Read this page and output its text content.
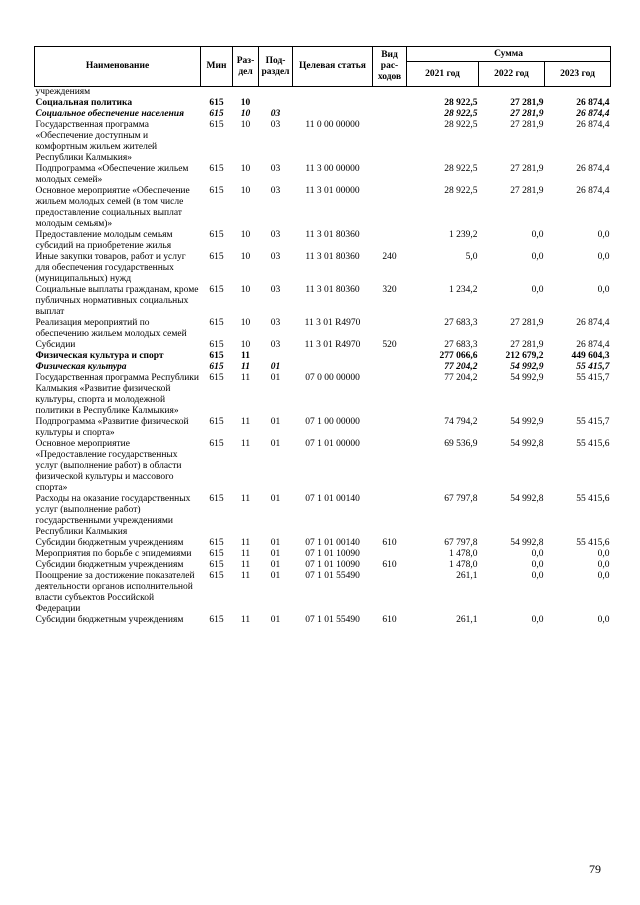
Наименование	Мин	Раз-дел	Под-раздел	Целевая статья	Вид рас-ходов	Сумма		
						2021 год	2022 год	2023 год
учреждениям								
Социальная политика	615	10				28 922,5	27 281,9	26 874,4
Социальное обеспечение населения	615	10	03			28 922,5	27 281,9	26 874,4
Государственная программа «Обеспечение доступным и комфортным жильем жителей Республики Калмыкия»	615	10	03	11 0 00 00000		28 922,5	27 281,9	26 874,4
Подпрограмма «Обеспечение жильем молодых семей»	615	10	03	11 3 00 00000		28 922,5	27 281,9	26 874,4
Основное мероприятие «Обеспечение жильем молодых семей (в том числе предоставление социальных выплат молодым семьям)»	615	10	03	11 3 01 00000		28 922,5	27 281,9	26 874,4
Предоставление молодым семьям субсидий на приобретение жилья	615	10	03	11 3 01 80360		1 239,2	0,0	0,0
Иные закупки товаров, работ и услуг для обеспечения государственных (муниципальных) нужд	615	10	03	11 3 01 80360	240	5,0	0,0	0,0
Социальные выплаты гражданам, кроме публичных нормативных социальных выплат	615	10	03	11 3 01 80360	320	1 234,2	0,0	0,0
Реализация мероприятий по обеспечению жильем молодых семей	615	10	03	11 3 01 R4970		27 683,3	27 281,9	26 874,4
Субсидии	615	10	03	11 3 01 R4970	520	27 683,3	27 281,9	26 874,4
Физическая культура и спорт	615	11				277 066,6	212 679,2	449 604,3
Физическая культура	615	11	01			77 204,2	54 992,9	55 415,7
Государственная программа Республики Калмыкия «Развитие физической культуры, спорта и молодежной политики в Республике Калмыкия»	615	11	01	07 0 00 00000		77 204,2	54 992,9	55 415,7
Подпрограмма «Развитие физической культуры и спорта»	615	11	01	07 1 00 00000		74 794,2	54 992,9	55 415,7
Основное мероприятие «Предоставление государственных услуг (выполнение работ) в области физической культуры и массового спорта»	615	11	01	07 1 01 00000		69 536,9	54 992,8	55 415,6
Расходы на оказание государственных услуг (выполнение работ) государственными учреждениями Республики Калмыкия	615	11	01	07 1 01 00140		67 797,8	54 992,8	55 415,6
Субсидии бюджетным учреждениям	615	11	01	07 1 01 00140	610	67 797,8	54 992,8	55 415,6
Мероприятия по борьбе с эпидемиями	615	11	01	07 1 01 10090		1 478,0	0,0	0,0
Субсидии бюджетным учреждениям	615	11	01	07 1 01 10090	610	1 478,0	0,0	0,0
Поощрение за достижение показателей деятельности органов исполнительной власти субъектов Российской Федерации	615	11	01	07 1 01 55490		261,1	0,0	0,0
Субсидии бюджетным учреждениям	615	11	01	07 1 01 55490	610	261,1	0,0	0,0
79
